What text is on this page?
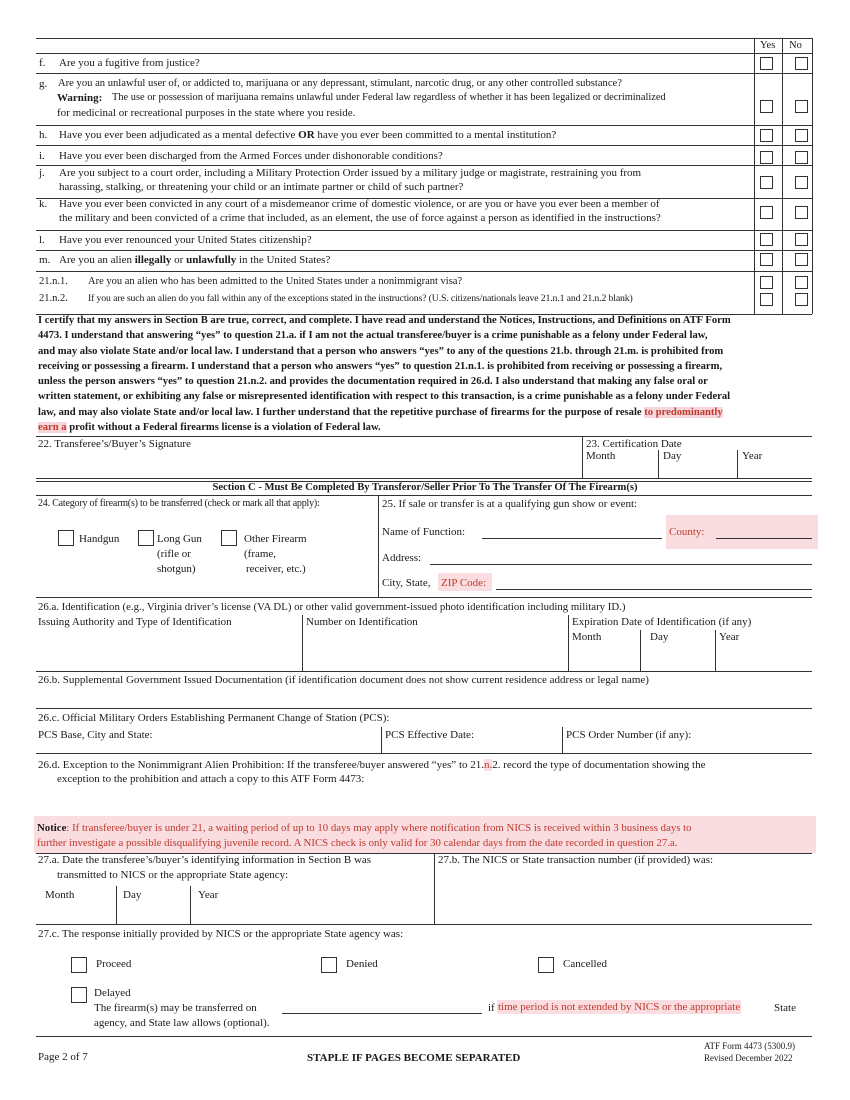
Yes No
f. Are you a fugitive from justice?
g. Are you an unlawful user of, or addicted to, marijuana or any depressant, stimulant, narcotic drug, or any other controlled substance?
Warning: The use or possession of marijuana remains unlawful under Federal law regardless of whether it has been legalized or decriminalized
for medicinal or recreational purposes in the state where you reside.
h. Have you ever been adjudicated as a mental defective OR have you ever been committed to a mental institution?
i. Have you ever been discharged from the Armed Forces under dishonorable conditions?
j. Are you subject to a court order, including a Military Protection Order issued by a military judge or magistrate, restraining you from
harassing, stalking, or threatening your child or an intimate partner or child of such partner?
k. Have you ever been convicted in any court of a misdemeanor crime of domestic violence, or are you or have you ever been a member of
the military and been convicted of a crime that included, as an element, the use of force against a person as identified in the instructions?
l. Have you ever renounced your United States citizenship?
m. Are you an alien illegally or unlawfully in the United States?
21.n.1. Are you an alien who has been admitted to the United States under a nonimmigrant visa?
21.n.2. If you are such an alien do you fall within any of the exceptions stated in the instructions? (U.S. citizens/nationals leave 21.n.1 and 21.n.2 blank)
I certify that my answers in Section B are true, correct, and complete. I have read and understand the Notices, Instructions, and Definitions on ATF Form
4473. I understand that answering “yes” to question 21.a. if I am not the actual transferee/buyer is a crime punishable as a felony under Federal law,
and may also violate State and/or local law. I understand that a person who answers “yes” to any of the questions 21.b. through 21.m. is prohibited from
receiving or possessing a firearm. I understand that a person who answers “yes” to question 21.n.1. is prohibited from receiving or possessing a firearm,
unless the person answers “yes” to question 21.n.2. and provides the documentation required in 26.d. I also understand that making any false oral or
written statement, or exhibiting any false or misrepresented identification with respect to this transaction, is a crime punishable as a felony under Federal
law, and may also violate State and/or local law. I further understand that the repetitive purchase of firearms for the purpose of resale to predominantly
earn a profit without a Federal firearms license is a violation of Federal law.
22. Transferee’s/Buyer’s Signature	23. Certification Date
Month	Day	Year
Section C - Must Be Completed By Transferor/Seller Prior To The Transfer Of The Firearm(s)
24. Category of firearm(s) to be transferred (check or mark all that apply):
Handgun	Long Gun
(rifle or
shotgun)
Other Firearm
(frame,
receiver, etc.)
25. If sale or transfer is at a qualifying gun show or event:
Name of Function:	County:
Address:
City, State, ZIP Code:
26.a. Identification (e.g., Virginia driver’s license (VA DL) or other valid government-issued photo identification including military ID.)
Issuing Authority and Type of Identification	Number on Identification	Expiration Date of Identification (if any)
Month	Day	Year
26.b. Supplemental Government Issued Documentation (if identification document does not show current residence address or legal name)
26.c. Official Military Orders Establishing Permanent Change of Station (PCS):
PCS Base, City and State:	PCS Effective Date:	PCS Order Number (if any):
26.d. Exception to the Nonimmigrant Alien Prohibition: If the transferee/buyer answered “yes” to 21.n.2. record the type of documentation showing the
exception to the prohibition and attach a copy to this ATF Form 4473:
Notice: If transferee/buyer is under 21, a waiting period of up to 10 days may apply where notification from NICS is received within 3 business days to
further investigate a possible disqualifying juvenile record. A NICS check is only valid for 30 calendar days from the date recorded in question 27.a.
27.a. Date the transferee’s/buyer’s identifying information in Section B was
transmitted to NICS or the appropriate State agency:
Month	Day	Year
27.b. The NICS or State transaction number (if provided) was:
27.c. The response initially provided by NICS or the appropriate State agency was:
Proceed	Denied	Cancelled
Delayed
The firearm(s) may be transferred on	if time period is not extended by NICS or the appropriate	State
agency, and State law allows (optional).
Page 2 of 7	STAPLE IF PAGES BECOME SEPARATED
ATF Form 4473 (5300.9)
Revised December 2022
